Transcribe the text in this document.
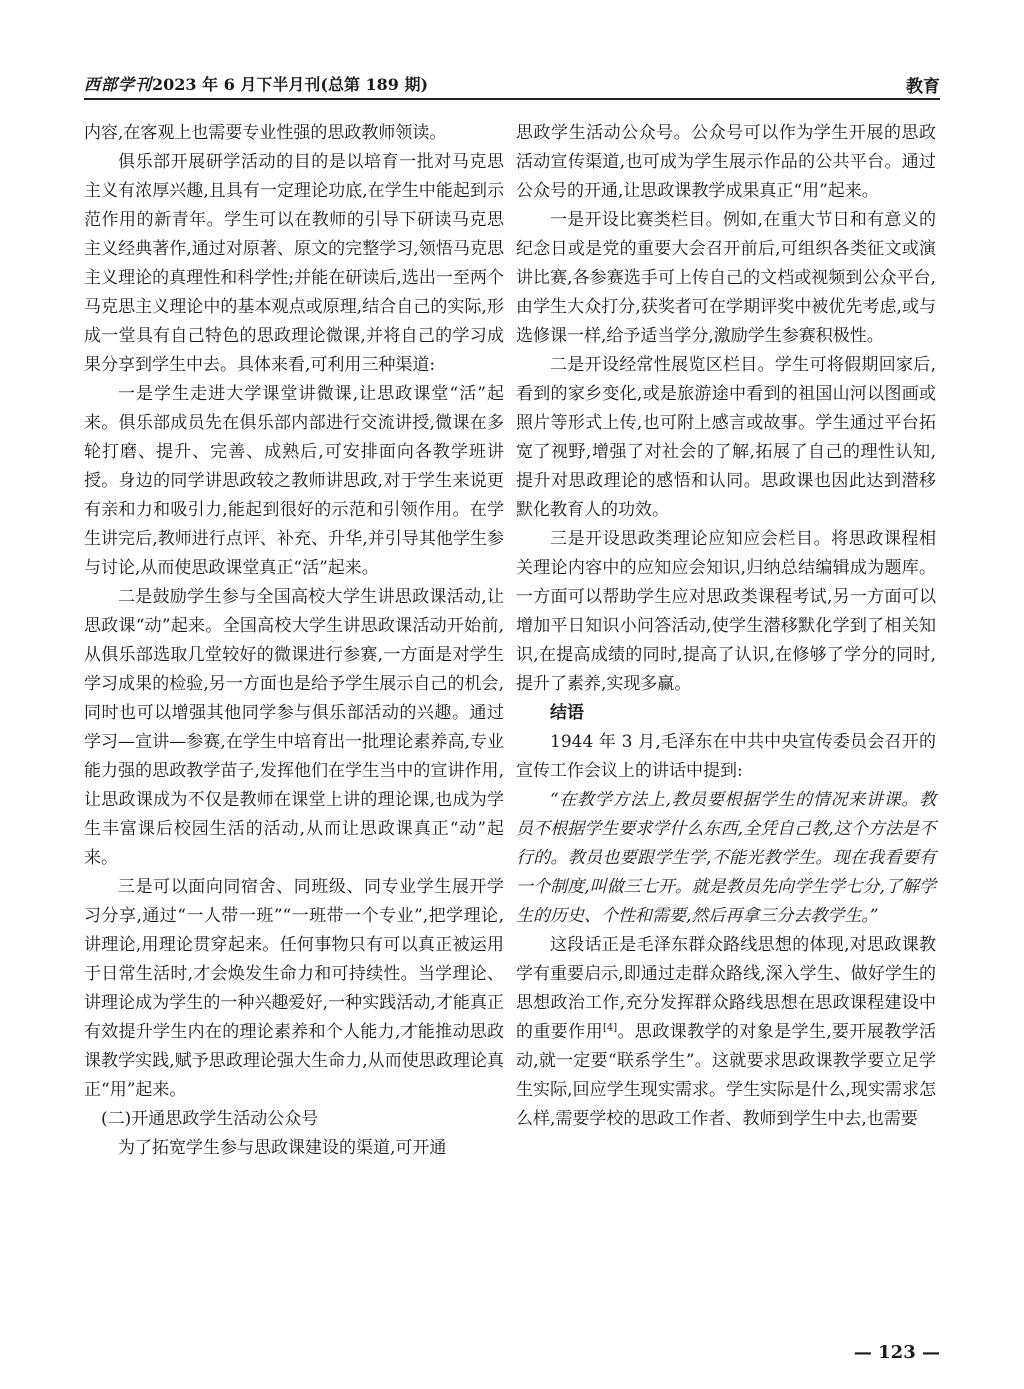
西部学刊2023 年 6 月下半月刊(总第 189 期)	教育

内容,在客观上也需要专业性强的思政教师领读。

俱乐部开展研学活动的目的是以培育一批对马克思主义有浓厚兴趣,且具有一定理论功底,在学生中能起到示范作用的新青年。学生可以在教师的引导下研读马克思主义经典著作,通过对原著、原文的完整学习,领悟马克思主义理论的真理性和科学性;并能在研读后,选出一至两个马克思主义理论中的基本观点或原理,结合自己的实际,形成一堂具有自己特色的思政理论微课,并将自己的学习成果分享到学生中去。具体来看,可利用三种渠道:

一是学生走进大学课堂讲微课,让思政课堂“活”起来。俱乐部成员先在俱乐部内部进行交流讲授,微课在多轮打磨、提升、完善、成熟后,可安排面向各教学班讲授。身边的同学讲思政较之教师讲思政,对于学生来说更有亲和力和吸引力,能起到很好的示范和引领作用。在学生讲完后,教师进行点评、补充、升华,并引导其他学生参与讨论,从而使思政课堂真正“活”起来。

二是鼓励学生参与全国高校大学生讲思政课活动,让思政课“动”起来。全国高校大学生讲思政课活动开始前,从俱乐部选取几堂较好的微课进行参赛,一方面是对学生学习成果的检验,另一方面也是给予学生展示自己的机会,同时也可以增强其他同学参与俱乐部活动的兴趣。通过学习—宣讲—参赛,在学生中培育出一批理论素养高,专业能力强的思政教学苗子,发挥他们在学生当中的宣讲作用,让思政课成为不仅是教师在课堂上讲的理论课,也成为学生丰富课后校园生活的活动,从而让思政课真正“动”起来。

三是可以面向同宿舍、同班级、同专业学生展开学习分享,通过“一人带一班”“一班带一个专业”,把学理论,讲理论,用理论贯穿起来。任何事物只有可以真正被运用于日常生活时,才会焕发生命力和可持续性。当学理论、讲理论成为学生的一种兴趣爱好,一种实践活动,才能真正有效提升学生内在的理论素养和个人能力,才能推动思政课教学实践,赋予思政理论强大生命力,从而使思政理论真正“用”起来。

(二)开通思政学生活动公众号

为了拓宽学生参与思政课建设的渠道,可开通

思政学生活动公众号。公众号可以作为学生开展的思政活动宣传渠道,也可成为学生展示作品的公共平台。通过公众号的开通,让思政课教学成果真正“用”起来。

一是开设比赛类栏目。例如,在重大节日和有意义的纪念日或是党的重要大会召开前后,可组织各类征文或演讲比赛,各参赛选手可上传自己的文档或视频到公众平台,由学生大众打分,获奖者可在学期评奖中被优先考虑,或与选修课一样,给予适当学分,激励学生参赛积极性。

二是开设经常性展览区栏目。学生可将假期回家后,看到的家乡变化,或是旅游途中看到的祖国山河以图画或照片等形式上传,也可附上感言或故事。学生通过平台拓宽了视野,增强了对社会的了解,拓展了自己的理性认知,提升对思政理论的感悟和认同。思政课也因此达到潜移默化教育人的功效。

三是开设思政类理论应知应会栏目。将思政课程相关理论内容中的应知应会知识,归纳总结编辑成为题库。一方面可以帮助学生应对思政类课程考试,另一方面可以增加平日知识小问答活动,使学生潜移默化学到了相关知识,在提高成绩的同时,提高了认识,在修够了学分的同时,提升了素养,实现多赢。

结语

1944 年 3 月,毛泽东在中共中央宣传委员会召开的宣传工作会议上的讲话中提到:

“在教学方法上,教员要根据学生的情况来讲课。教员不根据学生要求学什么东西,全凭自己教,这个方法是不行的。教员也要跟学生学,不能光教学生。现在我看要有一个制度,叫做三七开。就是教员先向学生学七分,了解学生的历史、个性和需要,然后再拿三分去教学生。”

这段话正是毛泽东群众路线思想的体现,对思政课教学有重要启示,即通过走群众路线,深入学生、做好学生的思想政治工作,充分发挥群众路线思想在思政课程建设中的重要作用[4]。思政课教学的对象是学生,要开展教学活动,就一定要“联系学生”。这就要求思政课教学要立足学生实际,回应学生现实需求。学生实际是什么,现实需求怎么样,需要学校的思政工作者、教师到学生中去,也需要

— 123 —
